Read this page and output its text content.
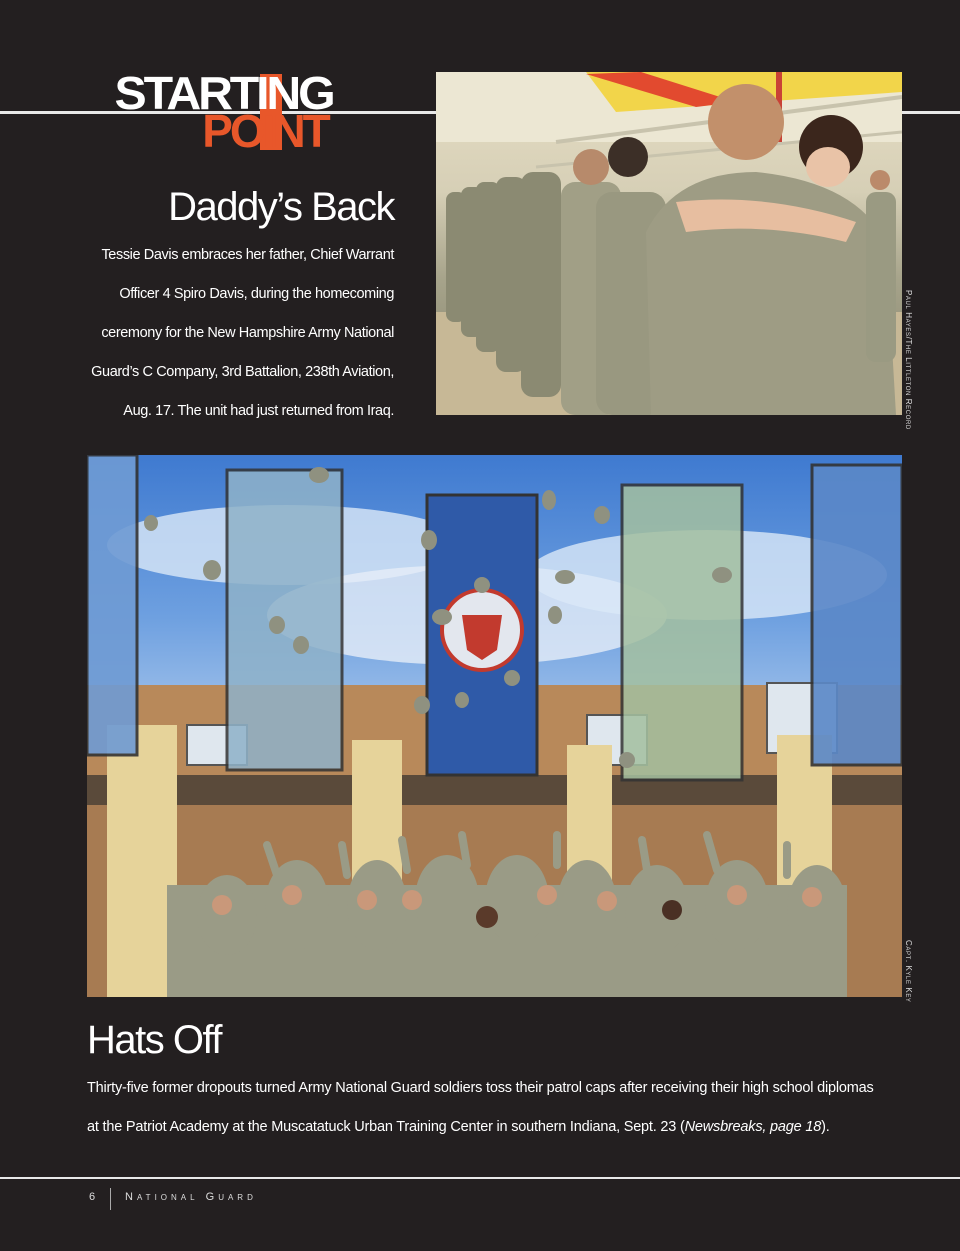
STARTING
POINT
Daddy’s Back
Tessie Davis embraces her father, Chief Warrant
Officer 4 Spiro Davis, during the homecoming
ceremony for the New Hampshire Army National
Guard’s C Company, 3rd Battalion, 238th Aviation,
Aug. 17. The unit had just returned from Iraq.	Paul Hayes/The Littleton Record
Capt. Kyle Key
Hats Off
Thirty-five former dropouts turned Army National Guard soldiers toss their patrol caps after receiving their high school diplomas
at the Patriot Academy at the Muscatatuck Urban Training Center in southern Indiana, Sept. 23 (Newsbreaks, page 18).
6	National Guard
